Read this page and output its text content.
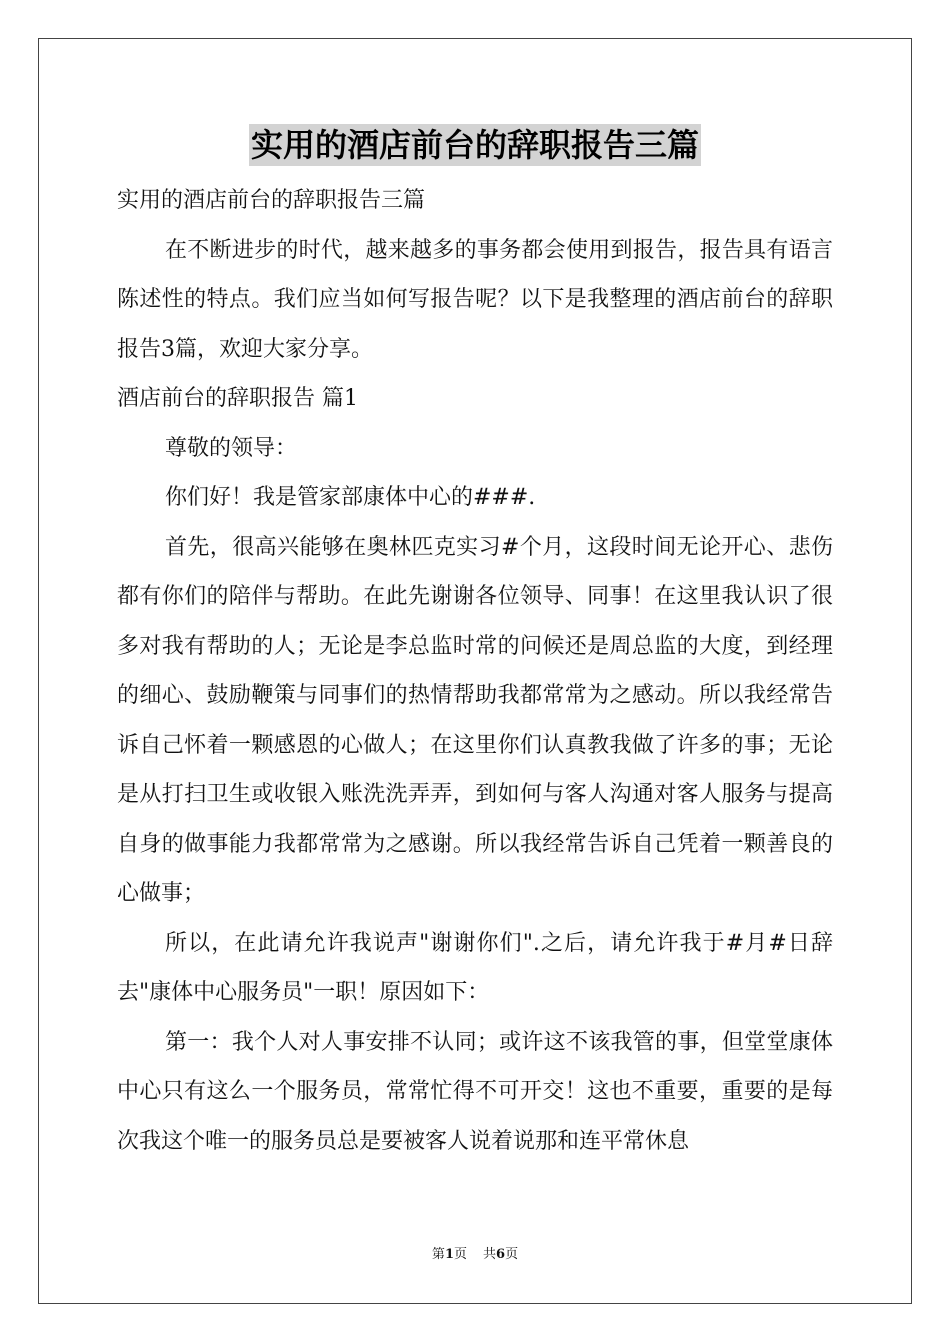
实用的酒店前台的辞职报告三篇

实用的酒店前台的辞职报告三篇

在不断进步的时代，越来越多的事务都会使用到报告，报告具有语言陈述性的特点。我们应当如何写报告呢？以下是我整理的酒店前台的辞职报告3篇，欢迎大家分享。

酒店前台的辞职报告 篇1

尊敬的领导：

你们好！我是管家部康体中心的###.

首先，很高兴能够在奥林匹克实习#个月，这段时间无论开心、悲伤都有你们的陪伴与帮助。在此先谢谢各位领导、同事！在这里我认识了很多对我有帮助的人；无论是李总监时常的问候还是周总监的大度，到经理的细心、鼓励鞭策与同事们的热情帮助我都常常为之感动。所以我经常告诉自己怀着一颗感恩的心做人；在这里你们认真教我做了许多的事；无论是从打扫卫生或收银入账洗洗弄弄，到如何与客人沟通对客人服务与提高自身的做事能力我都常常为之感谢。所以我经常告诉自己凭着一颗善良的心做事；

所以，在此请允许我说声"谢谢你们".之后，请允许我于#月#日辞去"康体中心服务员"一职！原因如下：

第一：我个人对人事安排不认同；或许这不该我管的事，但堂堂康体中心只有这么一个服务员，常常忙得不可开交！这也不重要，重要的是每次我这个唯一的服务员总是要被客人说着说那和连平常休息

第1页 共6页
